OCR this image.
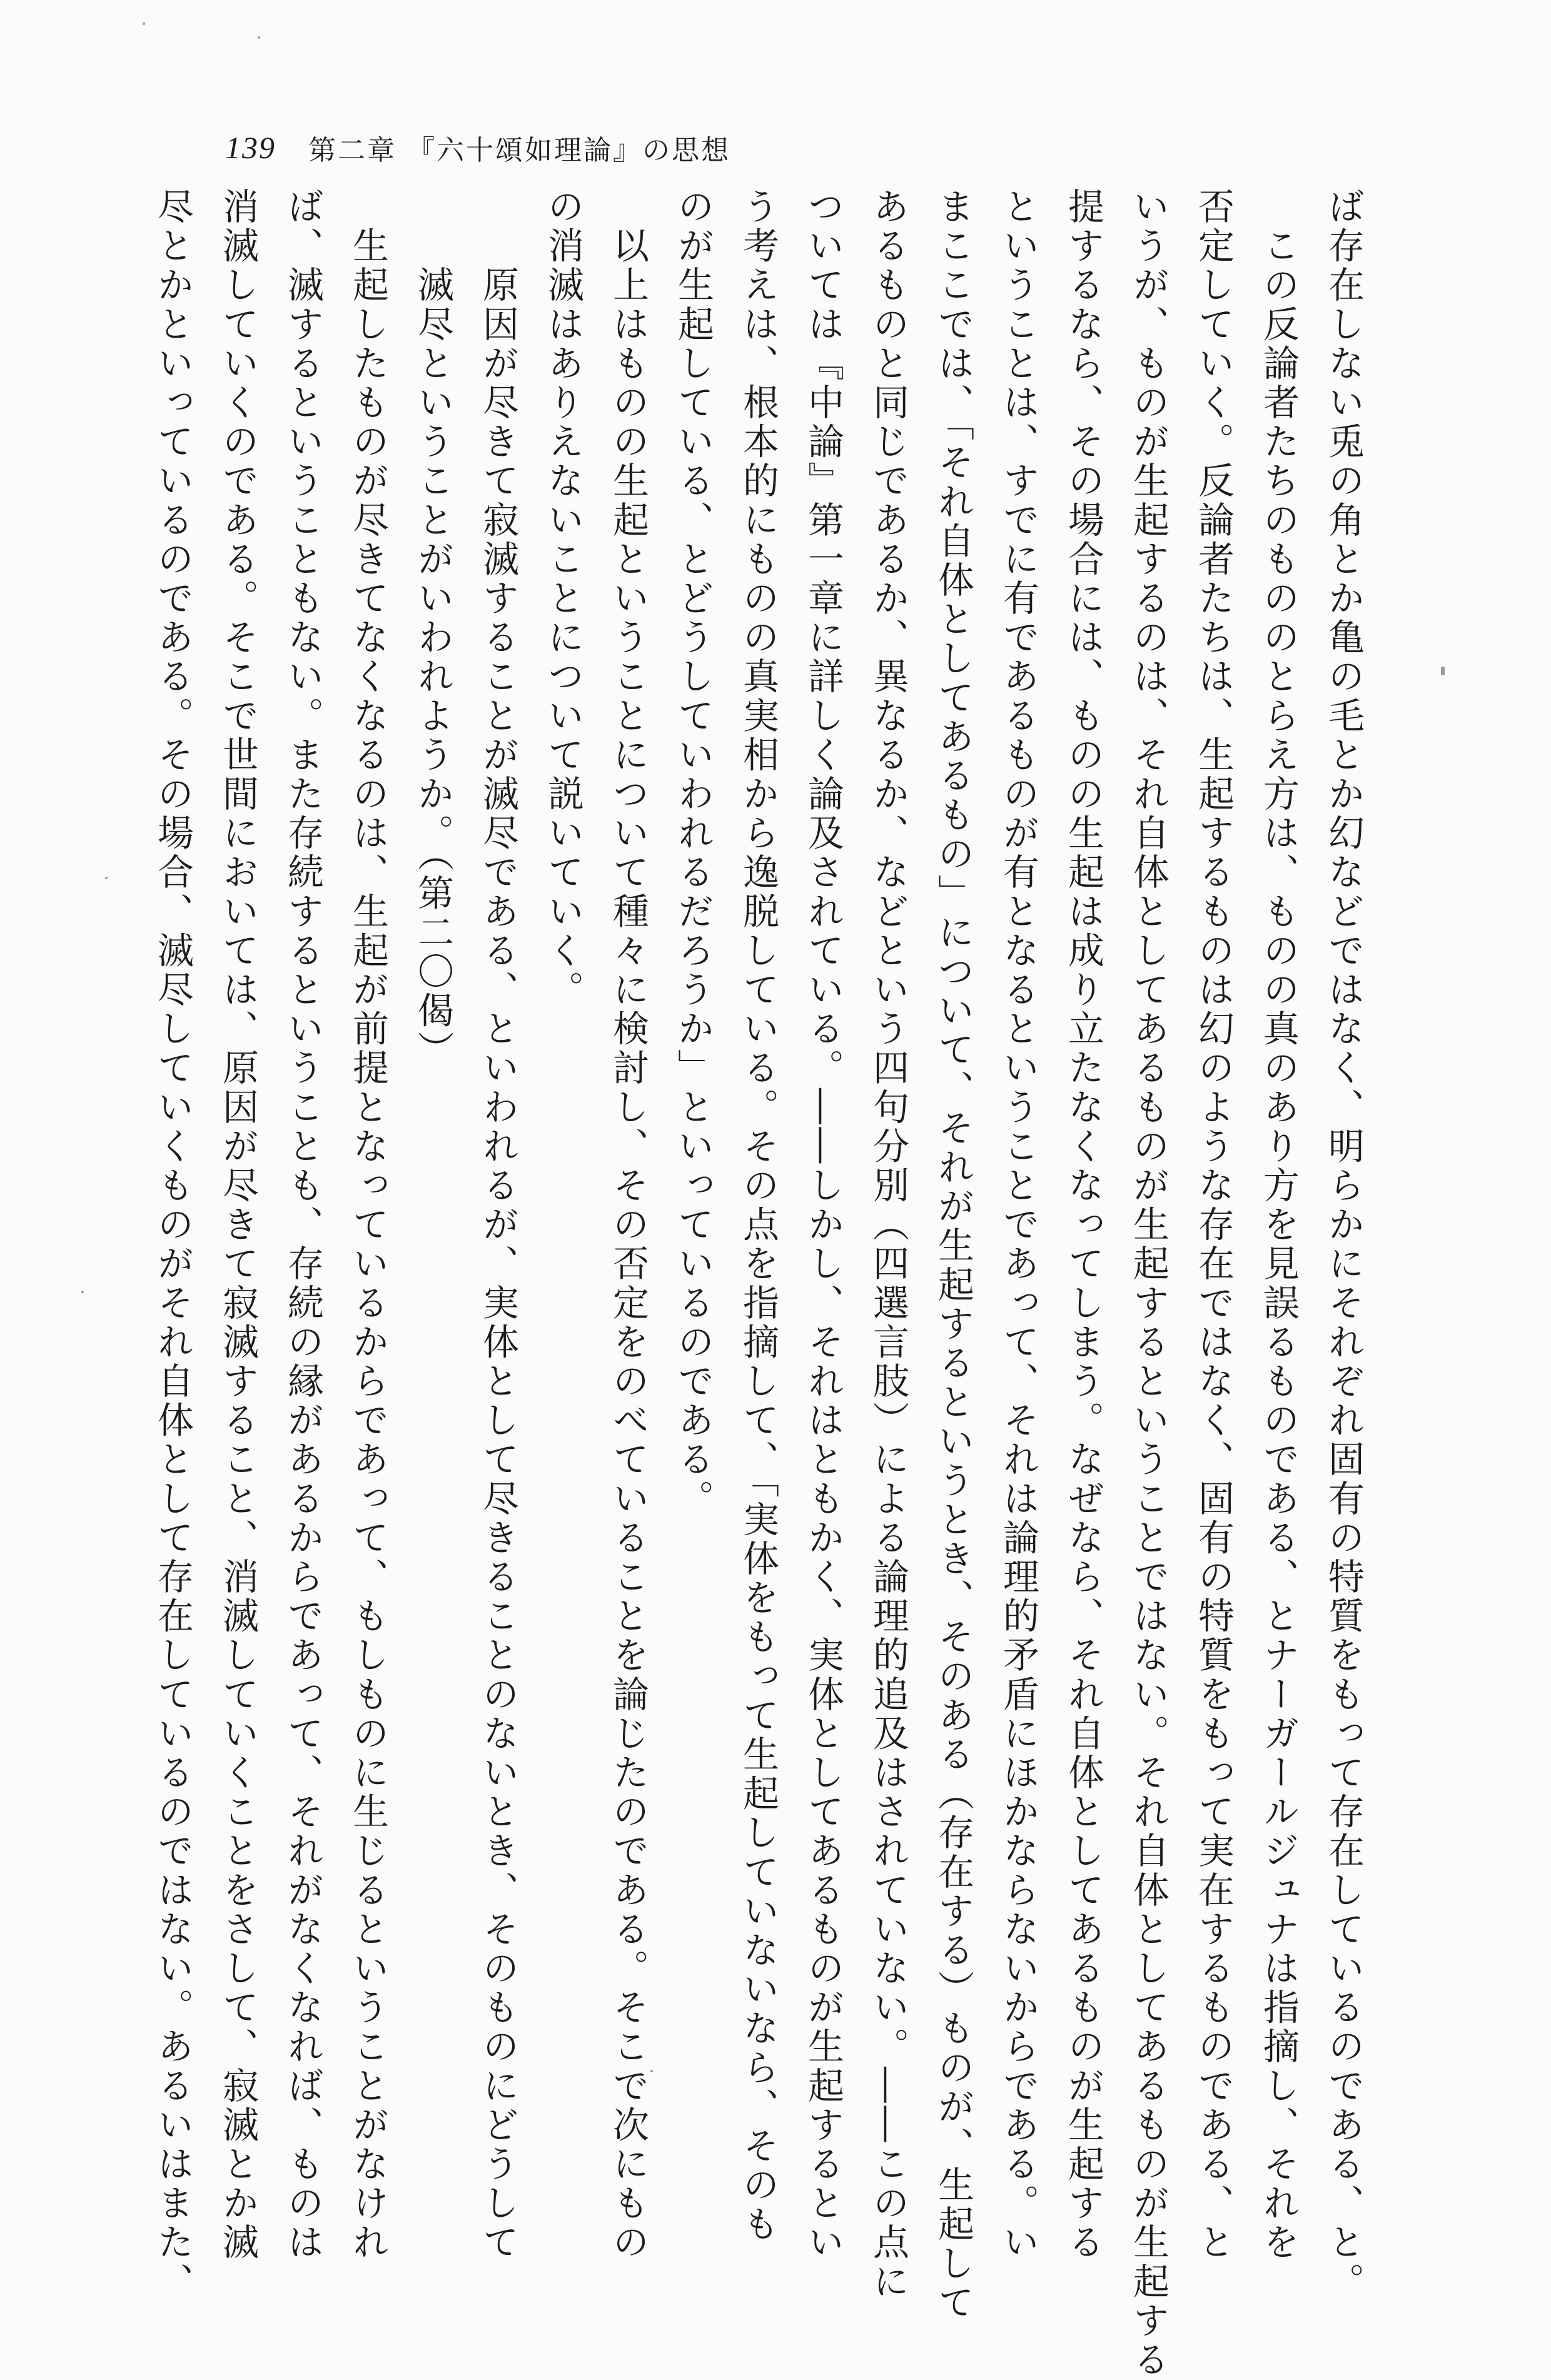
139 第二章 『六十頌如理論』の思想

ば存在しない兎の角とか亀の毛とか幻などではなく、明らかにそれぞれ固有の特質をもって存在しているのである、と。

　この反論者たちのもののとらえ方は、ものの真のあり方を見誤るものである、とナーガールジュナは指摘し、それを

否定していく。反論者たちは、生起するものは幻のような存在ではなく、固有の特質をもって実在するものである、と

いうが、ものが生起するのは、それ自体としてあるものが生起するということではない。それ自体としてあるものが生起する

提するなら、その場合には、ものの生起は成り立たなくなってしまう。なぜなら、それ自体としてあるものが生起する

ということは、すでに有であるものが有となるということであって、それは論理的矛盾にほかならないからである。い

まここでは、「それ自体としてあるもの」について、それが生起するというとき、そのある（存在する）ものが、生起して

あるものと同じであるか、異なるか、などという四句分別（四選言肢）による論理的追及はされていない。――この点に

ついては『中論』第一章に詳しく論及されている。――しかし、それはともかく、実体としてあるものが生起するとい

う考えは、根本的にものの真実相から逸脱している。その点を指摘して、「実体をもって生起していないなら、そのも

のが生起している、とどうしていわれるだろうか」といっているのである。

　以上はものの生起ということについて種々に検討し、その否定をのべていることを論じたのである。そこで次にもの

の消滅はありえないことについて説いていく。

　　原因が尽きて寂滅することが滅尽である、といわれるが、実体として尽きることのないとき、そのものにどうして

　　滅尽ということがいわれようか。（第二〇偈）

　生起したものが尽きてなくなるのは、生起が前提となっているからであって、もしものに生じるということがなけれ

ば、滅するということもない。また存続するということも、存続の縁があるからであって、それがなくなれば、ものは

消滅していくのである。そこで世間においては、原因が尽きて寂滅すること、消滅していくことをさして、寂滅とか滅

尽とかといっているのである。その場合、滅尽していくものがそれ自体として存在しているのではない。あるいはまた、
